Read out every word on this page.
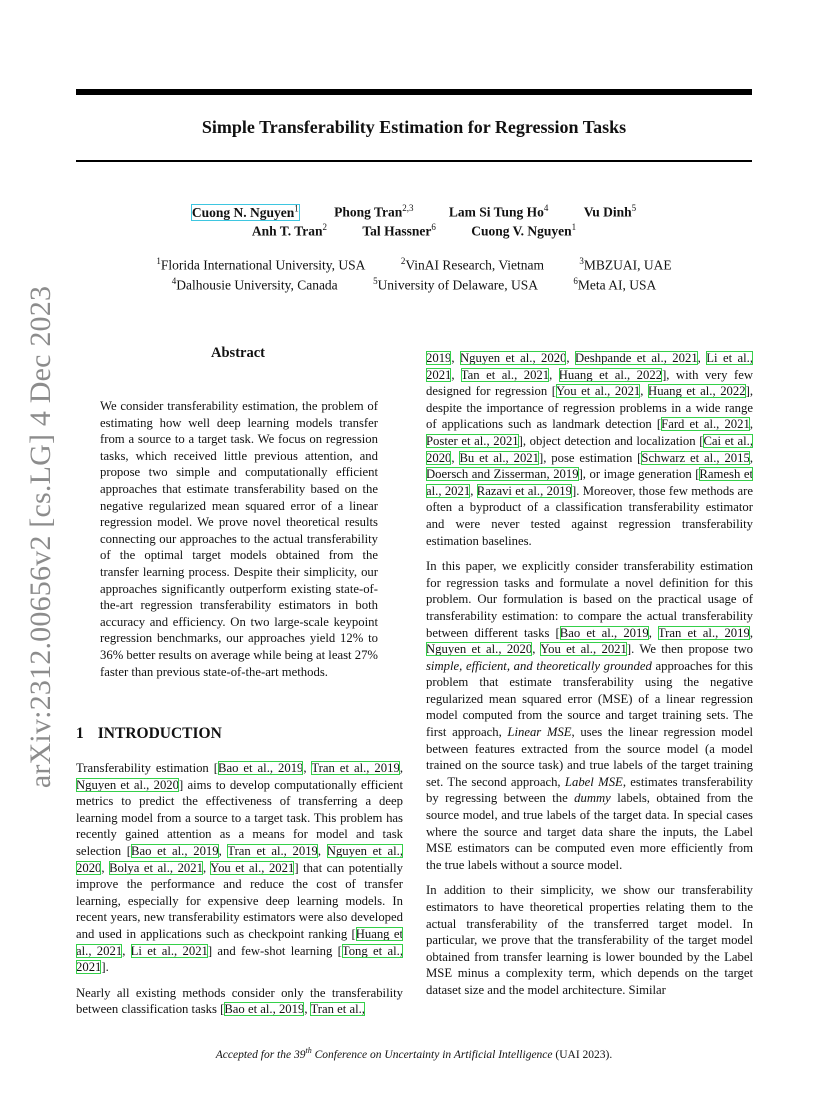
Simple Transferability Estimation for Regression Tasks
Cuong N. Nguyen$^1$	Phong Tran$^{2,3}$	Lam Si Tung Ho$^4$	Vu Dinh$^5$
Anh T. Tran$^2$	Tal Hassner$^6$	Cuong V. Nguyen$^1$
$^1$Florida International University, USA	$^2$VinAI Research, Vietnam	$^3$MBZUAI, UAE
$^4$Dalhousie University, Canada	$^5$University of Delaware, USA	$^6$Meta AI, USA
arXiv:2312.00656v2 [cs.LG] 4 Dec 2023	Abstract

We consider transferability estimation, the problem of estimating how well deep learning models transfer from a source to a target task. We focus on regression tasks, which received little previous attention, and propose two simple and computationally efficient approaches that estimate transferability based on the negative regularized mean squared error of a linear regression model. We prove novel theoretical results connecting our approaches to the actual transferability of the optimal target models obtained from the transfer learning process. Despite their simplicity, our approaches significantly outperform existing state-of-the-art regression transferability estimators in both accuracy and efficiency. On two large-scale keypoint regression benchmarks, our approaches yield 12% to 36% better results on average while being at least 27% faster than previous state-of-the-art methods.

1 INTRODUCTION

Transferability estimation [Bao et al., 2019, Tran et al., 2019, Nguyen et al., 2020] aims to develop computationally efficient metrics to predict the effectiveness of transferring a deep learning model from a source to a target task. This problem has recently gained attention as a means for model and task selection [Bao et al., 2019, Tran et al., 2019, Nguyen et al., 2020, Bolya et al., 2021, You et al., 2021] that can potentially improve the performance and reduce the cost of transfer learning, especially for expensive deep learning models. In recent years, new transferability estimators were also developed and used in applications such as checkpoint ranking [Huang et al., 2021, Li et al., 2021] and few-shot learning [Tong et al., 2021].

Nearly all existing methods consider only the transferability between classification tasks [Bao et al., 2019, Tran et al.,

2019, Nguyen et al., 2020, Deshpande et al., 2021, Li et al., 2021, Tan et al., 2021, Huang et al., 2022], with very few designed for regression [You et al., 2021, Huang et al., 2022], despite the importance of regression problems in a wide range of applications such as landmark detection [Fard et al., 2021, Poster et al., 2021], object detection and localization [Cai et al., 2020, Bu et al., 2021], pose estimation [Schwarz et al., 2015, Doersch and Zisserman, 2019], or image generation [Ramesh et al., 2021, Razavi et al., 2019]. Moreover, those few methods are often a byproduct of a classification transferability estimator and were never tested against regression transferability estimation baselines.

In this paper, we explicitly consider transferability estimation for regression tasks and formulate a novel definition for this problem. Our formulation is based on the practical usage of transferability estimation: to compare the actual transferability between different tasks [Bao et al., 2019, Tran et al., 2019, Nguyen et al., 2020, You et al., 2021]. We then propose two simple, efficient, and theoretically grounded approaches for this problem that estimate transferability using the negative regularized mean squared error (MSE) of a linear regression model computed from the source and target training sets. The first approach, Linear MSE, uses the linear regression model between features extracted from the source model (a model trained on the source task) and true labels of the target training set. The second approach, Label MSE, estimates transferability by regressing between the dummy labels, obtained from the source model, and true labels of the target data. In special cases where the source and target data share the inputs, the Label MSE estimators can be computed even more efficiently from the true labels without a source model.

In addition to their simplicity, we show our transferability estimators to have theoretical properties relating them to the actual transferability of the transferred target model. In particular, we prove that the transferability of the target model obtained from transfer learning is lower bounded by the Label MSE minus a complexity term, which depends on the target dataset size and the model architecture. Similar

Accepted for the 39th Conference on Uncertainty in Artificial Intelligence (UAI 2023).
